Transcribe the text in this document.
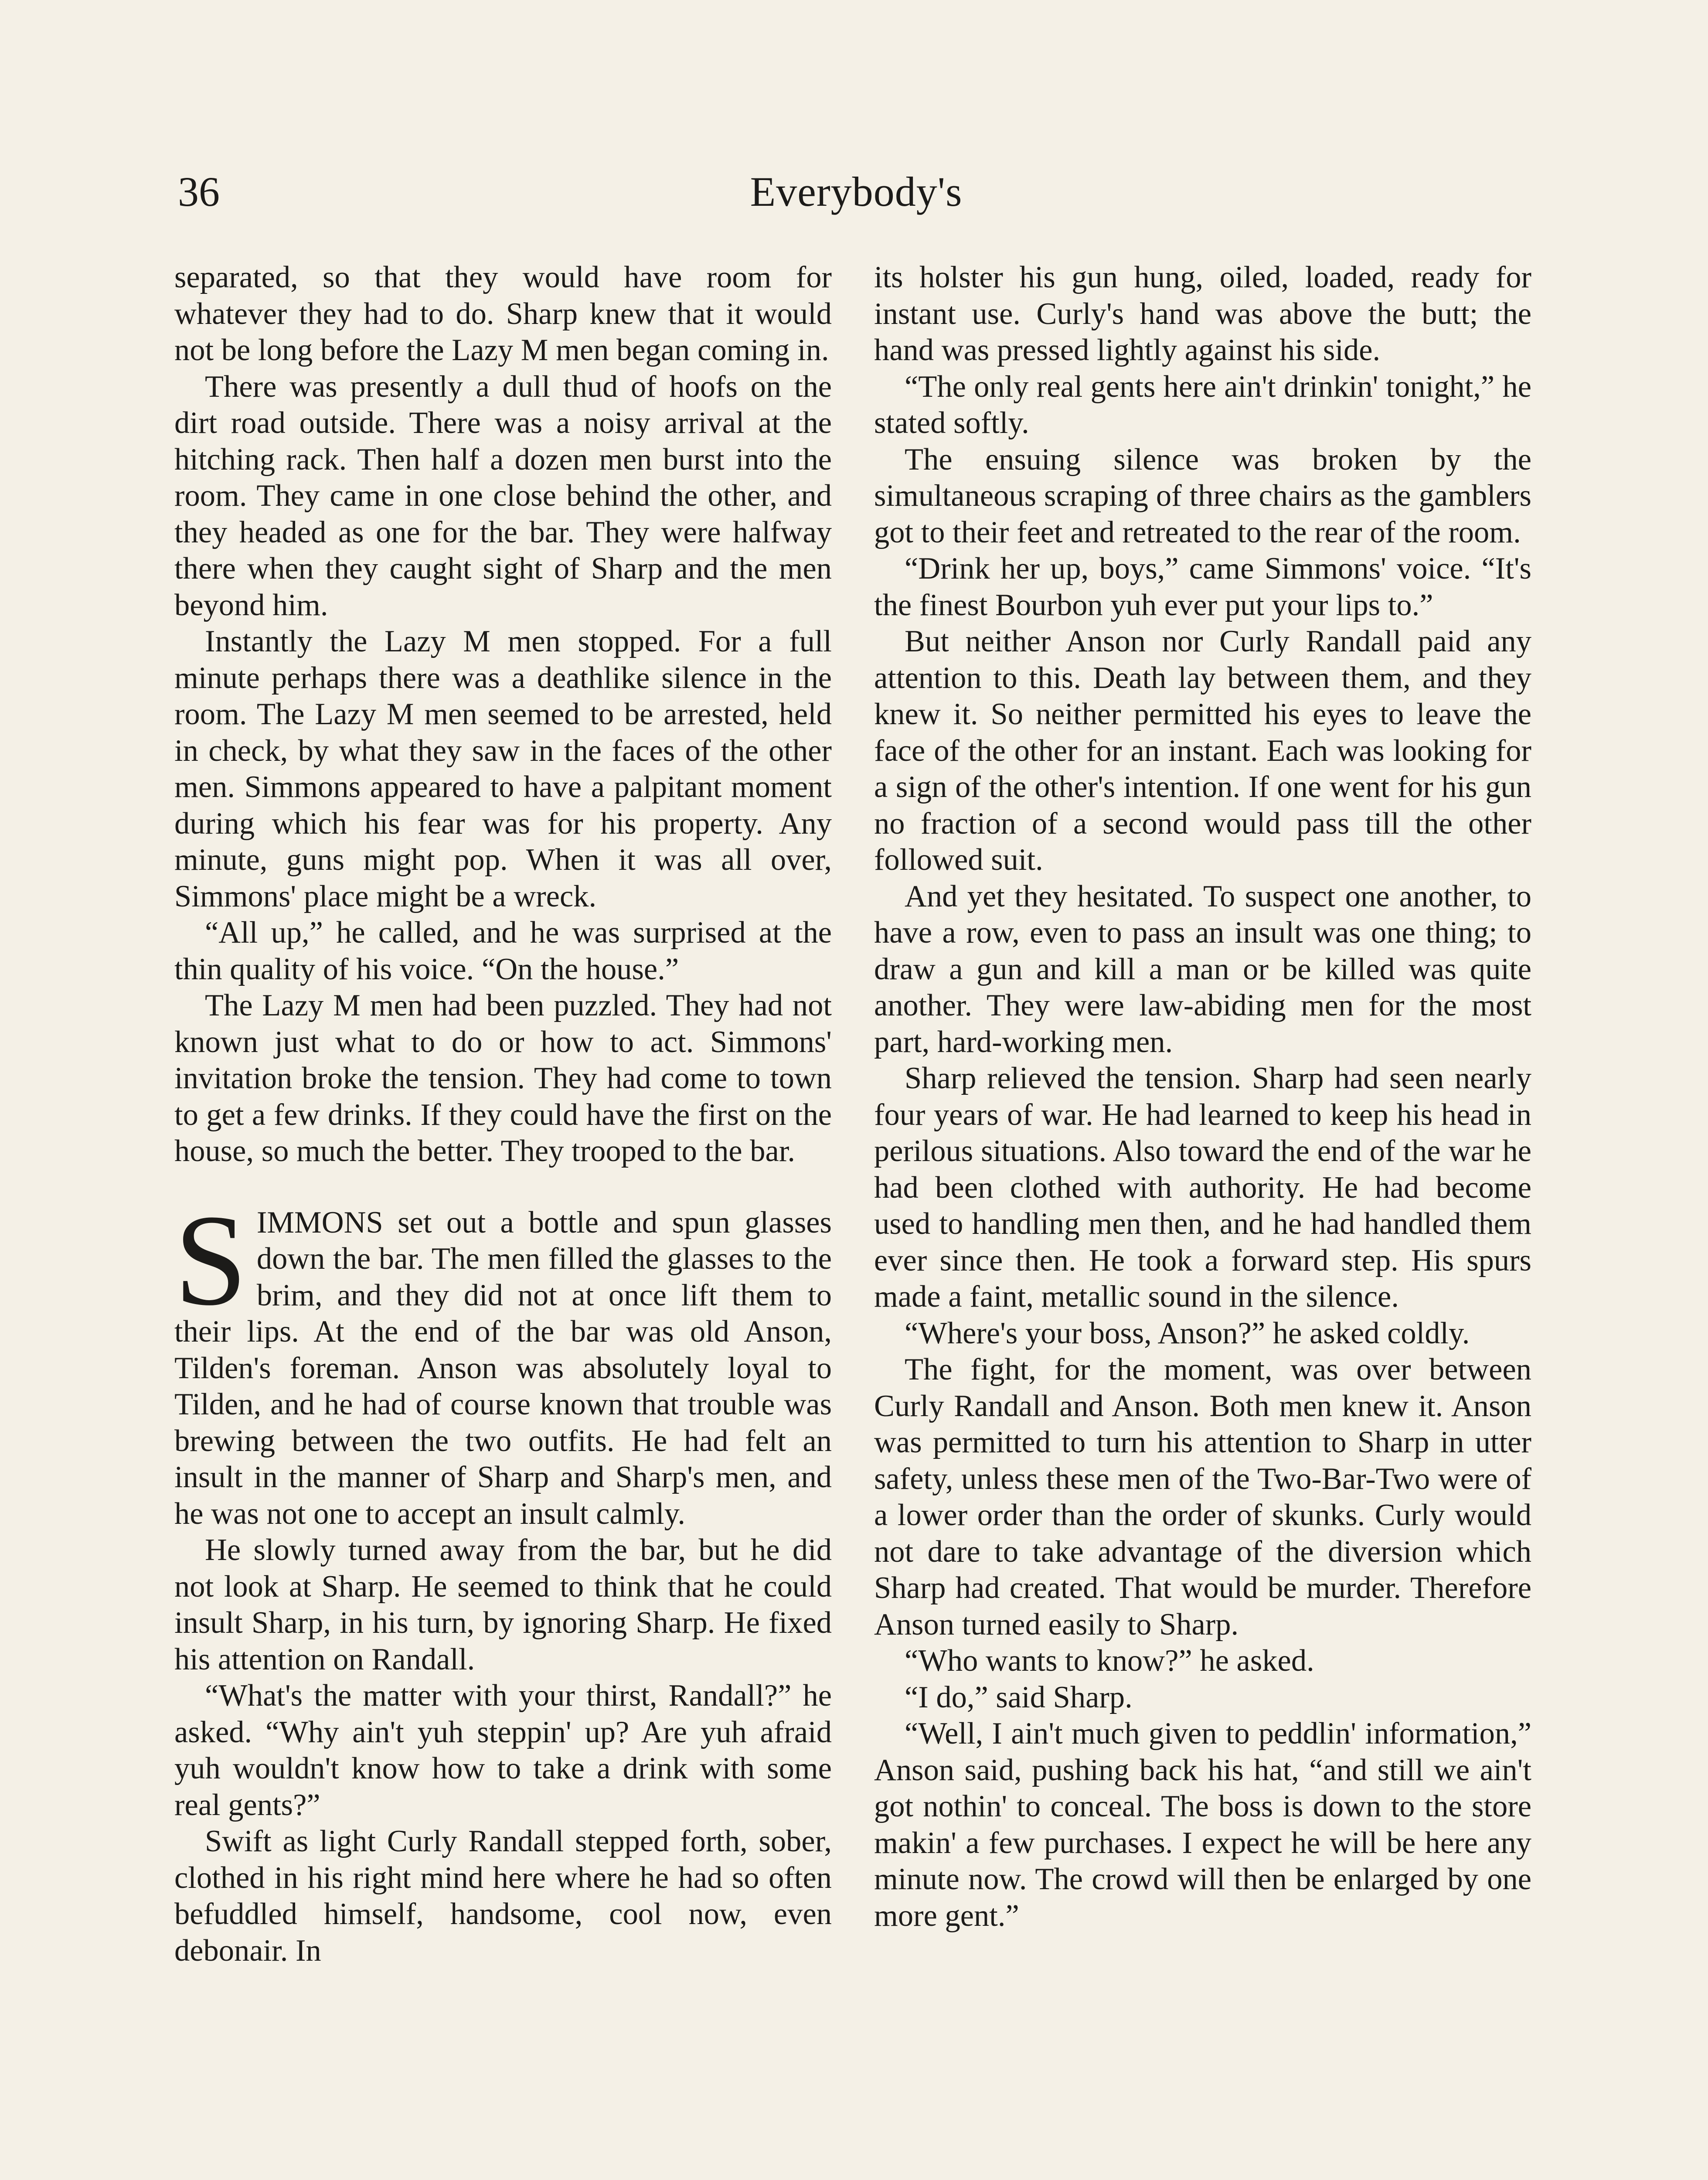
36	Everybody's

separated, so that they would have room for whatever they had to do. Sharp knew that it would not be long before the Lazy M men began coming in.

There was presently a dull thud of hoofs on the dirt road outside. There was a noisy arrival at the hitching rack. Then half a dozen men burst into the room. They came in one close behind the other, and they headed as one for the bar. They were halfway there when they caught sight of Sharp and the men beyond him.

Instantly the Lazy M men stopped. For a full minute perhaps there was a deathlike silence in the room. The Lazy M men seemed to be arrested, held in check, by what they saw in the faces of the other men. Simmons appeared to have a palpitant moment during which his fear was for his property. Any minute, guns might pop. When it was all over, Simmons' place might be a wreck.

“All up,” he called, and he was surprised at the thin quality of his voice. “On the house.”

The Lazy M men had been puzzled. They had not known just what to do or how to act. Simmons' invitation broke the tension. They had come to town to get a few drinks. If they could have the first on the house, so much the better. They trooped to the bar.

SIMMONS set out a bottle and spun glasses down the bar. The men filled the glasses to the brim, and they did not at once lift them to their lips. At the end of the bar was old Anson, Tilden's foreman. Anson was absolutely loyal to Tilden, and he had of course known that trouble was brewing between the two outfits. He had felt an insult in the manner of Sharp and Sharp's men, and he was not one to accept an insult calmly.

He slowly turned away from the bar, but he did not look at Sharp. He seemed to think that he could insult Sharp, in his turn, by ignoring Sharp. He fixed his attention on Randall.

“What's the matter with your thirst, Randall?” he asked. “Why ain't yuh steppin' up? Are yuh afraid yuh wouldn't know how to take a drink with some real gents?”

Swift as light Curly Randall stepped forth, sober, clothed in his right mind here where he had so often befuddled himself, handsome, cool now, even debonair. In

its holster his gun hung, oiled, loaded, ready for instant use. Curly's hand was above the butt; the hand was pressed lightly against his side.

“The only real gents here ain't drinkin' tonight,” he stated softly.

The ensuing silence was broken by the simultaneous scraping of three chairs as the gamblers got to their feet and retreated to the rear of the room.

“Drink her up, boys,” came Simmons' voice. “It's the finest Bourbon yuh ever put your lips to.”

But neither Anson nor Curly Randall paid any attention to this. Death lay between them, and they knew it. So neither permitted his eyes to leave the face of the other for an instant. Each was looking for a sign of the other's intention. If one went for his gun no fraction of a second would pass till the other followed suit.

And yet they hesitated. To suspect one another, to have a row, even to pass an insult was one thing; to draw a gun and kill a man or be killed was quite another. They were law-abiding men for the most part, hard-working men.

Sharp relieved the tension. Sharp had seen nearly four years of war. He had learned to keep his head in perilous situations. Also toward the end of the war he had been clothed with authority. He had become used to handling men then, and he had handled them ever since then. He took a forward step. His spurs made a faint, metallic sound in the silence.

“Where's your boss, Anson?” he asked coldly.

The fight, for the moment, was over between Curly Randall and Anson. Both men knew it. Anson was permitted to turn his attention to Sharp in utter safety, unless these men of the Two-Bar-Two were of a lower order than the order of skunks. Curly would not dare to take advantage of the diversion which Sharp had created. That would be murder. Therefore Anson turned easily to Sharp.

“Who wants to know?” he asked.

“I do,” said Sharp.

“Well, I ain't much given to peddlin' information,” Anson said, pushing back his hat, “and still we ain't got nothin' to conceal. The boss is down to the store makin' a few purchases. I expect he will be here any minute now. The crowd will then be enlarged by one more gent.”
